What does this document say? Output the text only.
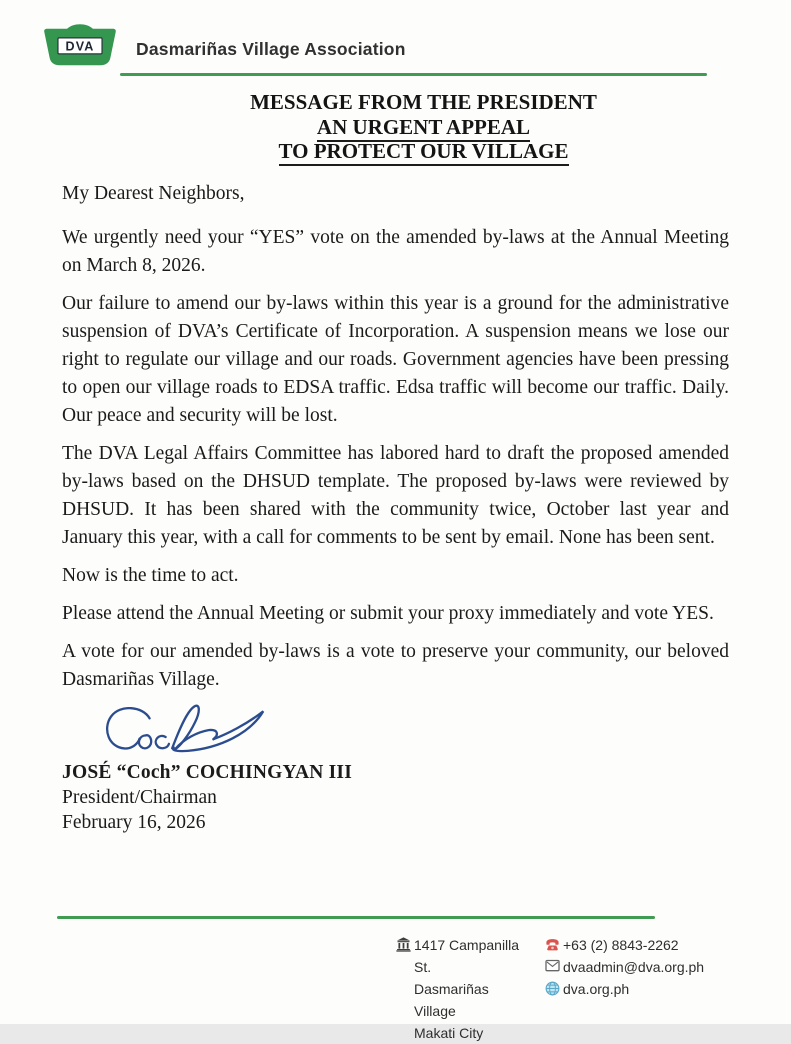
DVA Dasmariñas Village Association
MESSAGE FROM THE PRESIDENT
AN URGENT APPEAL
TO PROTECT OUR VILLAGE

My Dearest Neighbors,

We urgently need your “YES” vote on the amended by-laws at the Annual Meeting on March 8, 2026.

Our failure to amend our by-laws within this year is a ground for the administrative suspension of DVA’s Certificate of Incorporation. A suspension means we lose our right to regulate our village and our roads. Government agencies have been pressing to open our village roads to EDSA traffic. Edsa traffic will become our traffic. Daily. Our peace and security will be lost.

The DVA Legal Affairs Committee has labored hard to draft the proposed amended by-laws based on the DHSUD template. The proposed by-laws were reviewed by DHSUD. It has been shared with the community twice, October last year and January this year, with a call for comments to be sent by email. None has been sent.

Now is the time to act.

Please attend the Annual Meeting or submit your proxy immediately and vote YES.

A vote for our amended by-laws is a vote to preserve your community, our beloved Dasmariñas Village.

JOSÉ “Coch” COCHINGYAN III
President/Chairman
February 16, 2026
1417 Campanilla St.
Dasmariñas Village
Makati City
+63 (2) 8843-2262
dvaadmin@dva.org.ph
dva.org.ph
